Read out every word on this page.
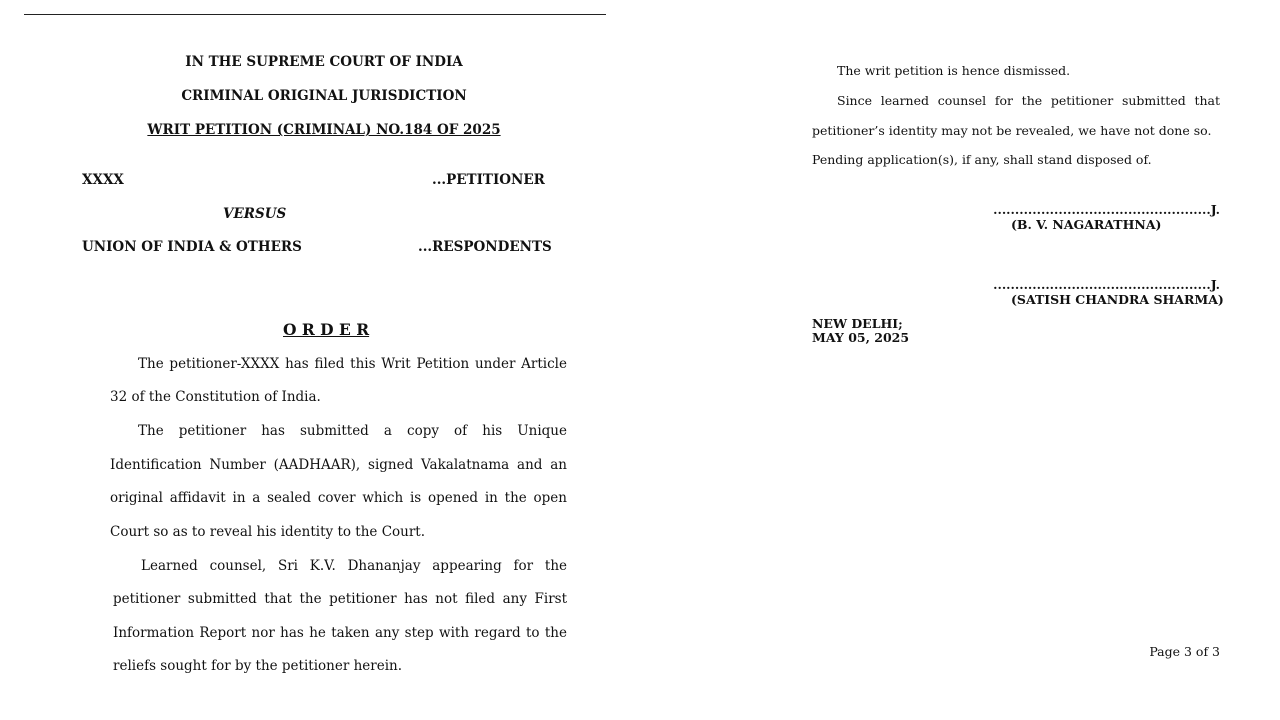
IN THE SUPREME COURT OF INDIA
CRIMINAL ORIGINAL JURISDICTION
WRIT PETITION (CRIMINAL) NO.184 OF 2025
XXXX	...PETITIONER
VERSUS
UNION OF INDIA & OTHERS	...RESPONDENTS
O R D E R
The petitioner-XXXX has filed this Writ Petition under Article
32 of the Constitution of India.
The petitioner has submitted a copy of his Unique
Identification Number (AADHAAR), signed Vakalatnama and an
original affidavit in a sealed cover which is opened in the open
Court so as to reveal his identity to the Court.
Learned counsel, Sri K.V. Dhananjay appearing for the
petitioner submitted that the petitioner has not filed any First
Information Report nor has he taken any step with regard to the
reliefs sought for by the petitioner herein.
The writ petition is hence dismissed.
Since learned counsel for the petitioner submitted that
petitioner’s identity may not be revealed, we have not done so.
Pending application(s), if any, shall stand disposed of.
..................................................J.
(B. V. NAGARATHNA)
..................................................J.
(SATISH CHANDRA SHARMA)
NEW DELHI;
MAY 05, 2025
Page 3 of 3
